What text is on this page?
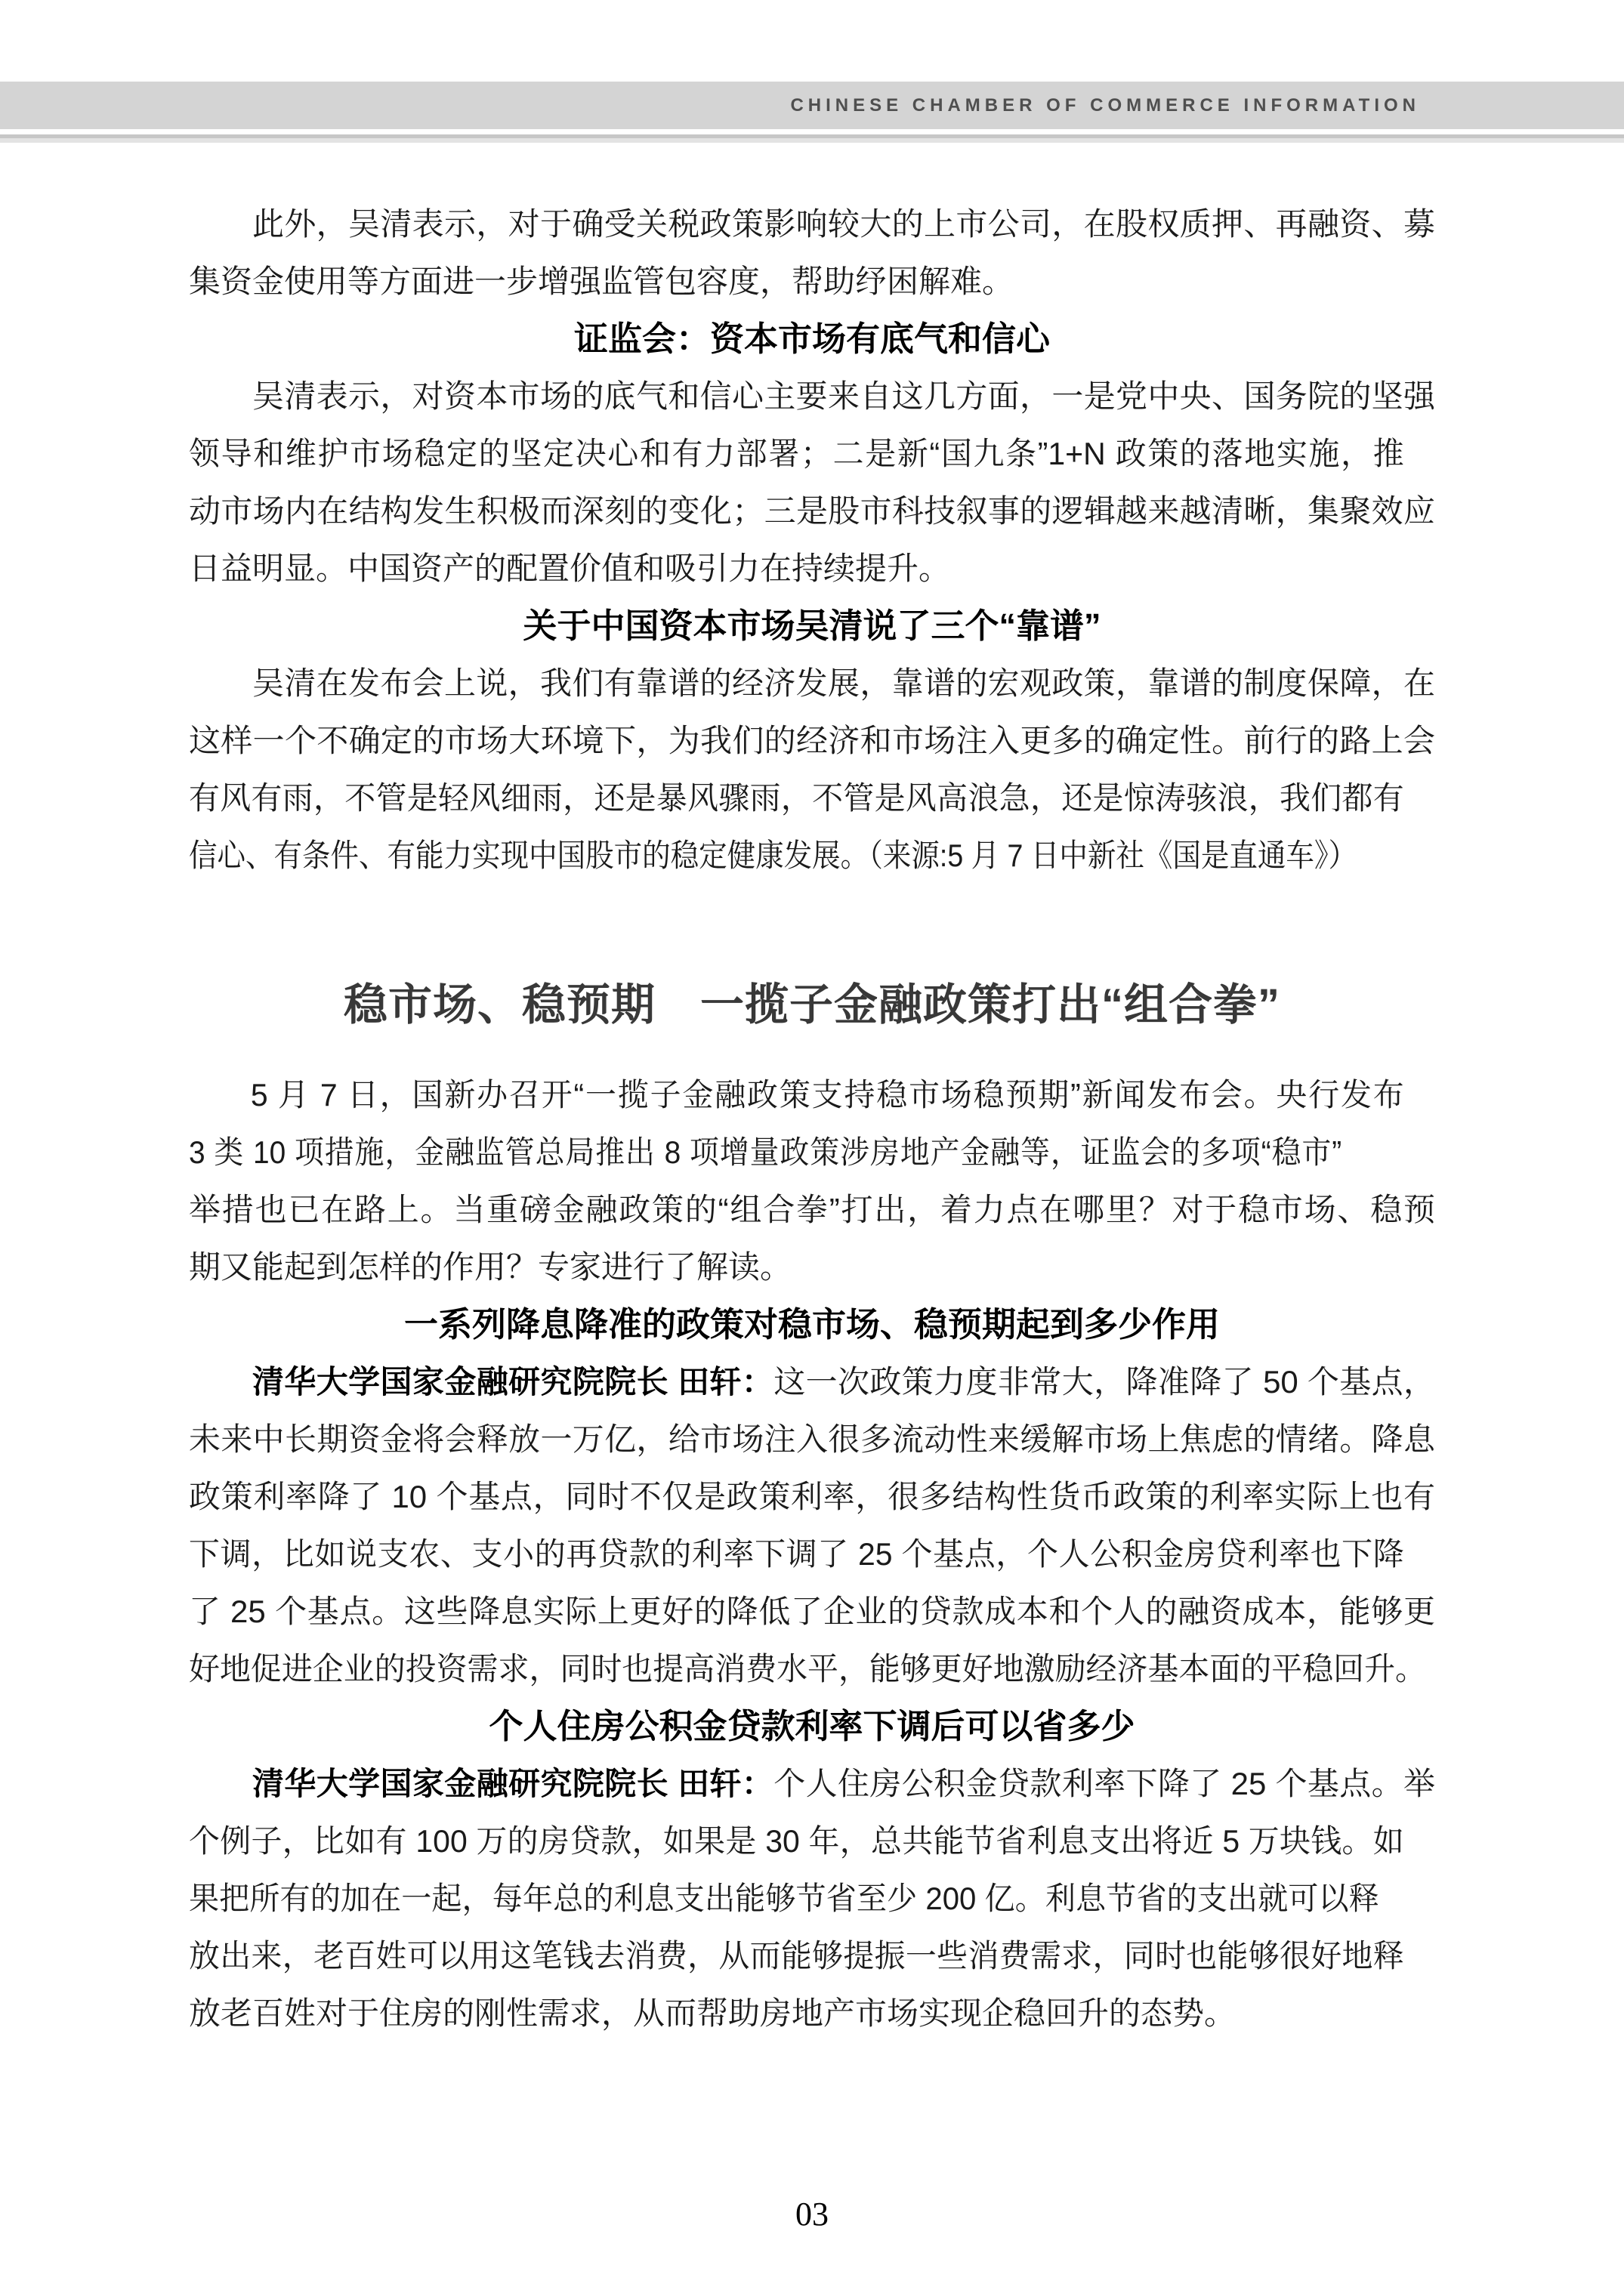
CHINESE CHAMBER OF COMMERCE INFORMATION
此外，吴清表示，对于确受关税政策影响较大的上市公司，在股权质押、再融资、募
集资金使用等方面进一步增强监管包容度，帮助纾困解难。
证监会：资本市场有底气和信心
吴清表示，对资本市场的底气和信心主要来自这几方面，一是党中央、国务院的坚强
领导和维护市场稳定的坚定决心和有力部署；二是新“国九条”1+N 政策的落地实施，推
动市场内在结构发生积极而深刻的变化；三是股市科技叙事的逻辑越来越清晰，集聚效应
日益明显。中国资产的配置价值和吸引力在持续提升。
关于中国资本市场吴清说了三个“靠谱”
吴清在发布会上说，我们有靠谱的经济发展，靠谱的宏观政策，靠谱的制度保障，在
这样一个不确定的市场大环境下，为我们的经济和市场注入更多的确定性。前行的路上会
有风有雨，不管是轻风细雨，还是暴风骤雨，不管是风高浪急，还是惊涛骇浪，我们都有
信心、有条件、有能力实现中国股市的稳定健康发展。（来源:5 月 7 日中新社《国是直通车》）
稳市场、稳预期　一揽子金融政策打出“组合拳”
5 月 7 日，国新办召开“一揽子金融政策支持稳市场稳预期”新闻发布会。央行发布
3 类 10 项措施，金融监管总局推出 8 项增量政策涉房地产金融等，证监会的多项“稳市”
举措也已在路上。当重磅金融政策的“组合拳”打出，着力点在哪里？对于稳市场、稳预
期又能起到怎样的作用？专家进行了解读。
一系列降息降准的政策对稳市场、稳预期起到多少作用
清华大学国家金融研究院院长 田轩：这一次政策力度非常大，降准降了 50 个基点，
未来中长期资金将会释放一万亿，给市场注入很多流动性来缓解市场上焦虑的情绪。降息
政策利率降了 10 个基点，同时不仅是政策利率，很多结构性货币政策的利率实际上也有
下调，比如说支农、支小的再贷款的利率下调了 25 个基点，个人公积金房贷利率也下降
了 25 个基点。这些降息实际上更好的降低了企业的贷款成本和个人的融资成本，能够更
好地促进企业的投资需求，同时也提高消费水平，能够更好地激励经济基本面的平稳回升。
个人住房公积金贷款利率下调后可以省多少
清华大学国家金融研究院院长 田轩：个人住房公积金贷款利率下降了 25 个基点。举
个例子，比如有 100 万的房贷款，如果是 30 年，总共能节省利息支出将近 5 万块钱。如
果把所有的加在一起，每年总的利息支出能够节省至少 200 亿。利息节省的支出就可以释
放出来，老百姓可以用这笔钱去消费，从而能够提振一些消费需求，同时也能够很好地释
放老百姓对于住房的刚性需求，从而帮助房地产市场实现企稳回升的态势。
03
